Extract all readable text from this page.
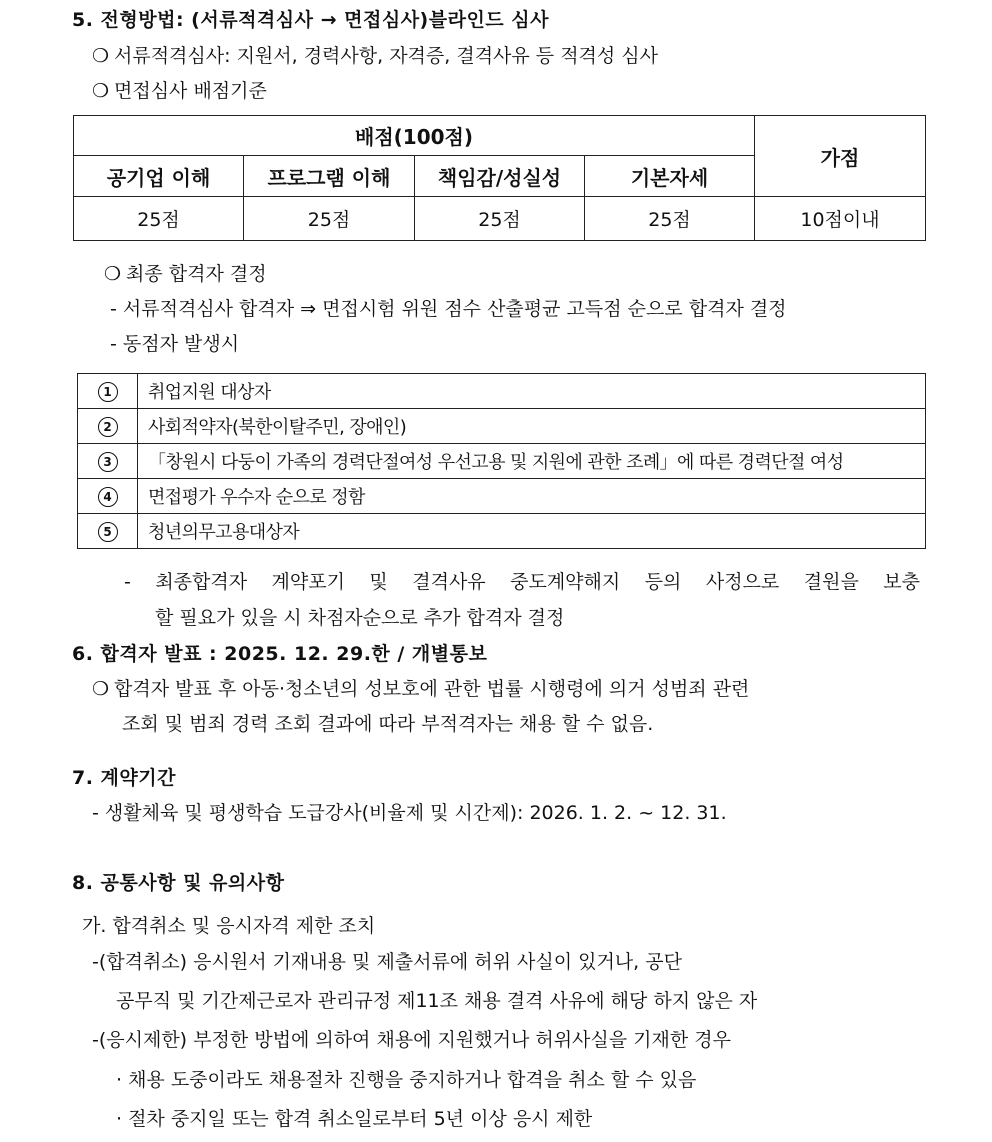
5. 전형방법: (서류적격심사 → 면접심사)블라인드 심사
❍ 서류적격심사: 지원서, 경력사항, 자격증, 결격사유 등 적격성 심사
❍ 면접심사 배점기준
배점(100점)				가점
공기업 이해	프로그램 이해	책임감/성실성	기본자세	
25점	25점	25점	25점	10점이내
❍ 최종 합격자 결정
- 서류적격심사 합격자 ⇒ 면접시험 위원 점수 산출평균 고득점 순으로 합격자 결정
- 동점자 발생시
1	취업지원 대상자
2	사회적약자(북한이탈주민, 장애인)
3	「창원시 다둥이 가족의 경력단절여성 우선고용 및 지원에 관한 조례」에 따른 경력단절 여성
4	면접평가 우수자 순으로 정함
5	청년의무고용대상자
- 최종합격자 계약포기 및 결격사유 중도계약해지 등의 사정으로 결원을 보충
할 필요가 있을 시 차점자순으로 추가 합격자 결정
6. 합격자 발표 : 2025. 12. 29.한 / 개별통보
❍ 합격자 발표 후 아동·청소년의 성보호에 관한 법률 시행령에 의거 성범죄 관련
조회 및 범죄 경력 조회 결과에 따라 부적격자는 채용 할 수 없음.
7. 계약기간
- 생활체육 및 평생학습 도급강사(비율제 및 시간제): 2026. 1. 2. ~ 12. 31.
8. 공통사항 및 유의사항
가. 합격취소 및 응시자격 제한 조치
-(합격취소) 응시원서 기재내용 및 제출서류에 허위 사실이 있거나, 공단
공무직 및 기간제근로자 관리규정 제11조 채용 결격 사유에 해당 하지 않은 자
-(응시제한) 부정한 방법에 의하여 채용에 지원했거나 허위사실을 기재한 경우
· 채용 도중이라도 채용절차 진행을 중지하거나 합격을 취소 할 수 있음
· 절차 중지일 또는 합격 취소일로부터 5년 이상 응시 제한
